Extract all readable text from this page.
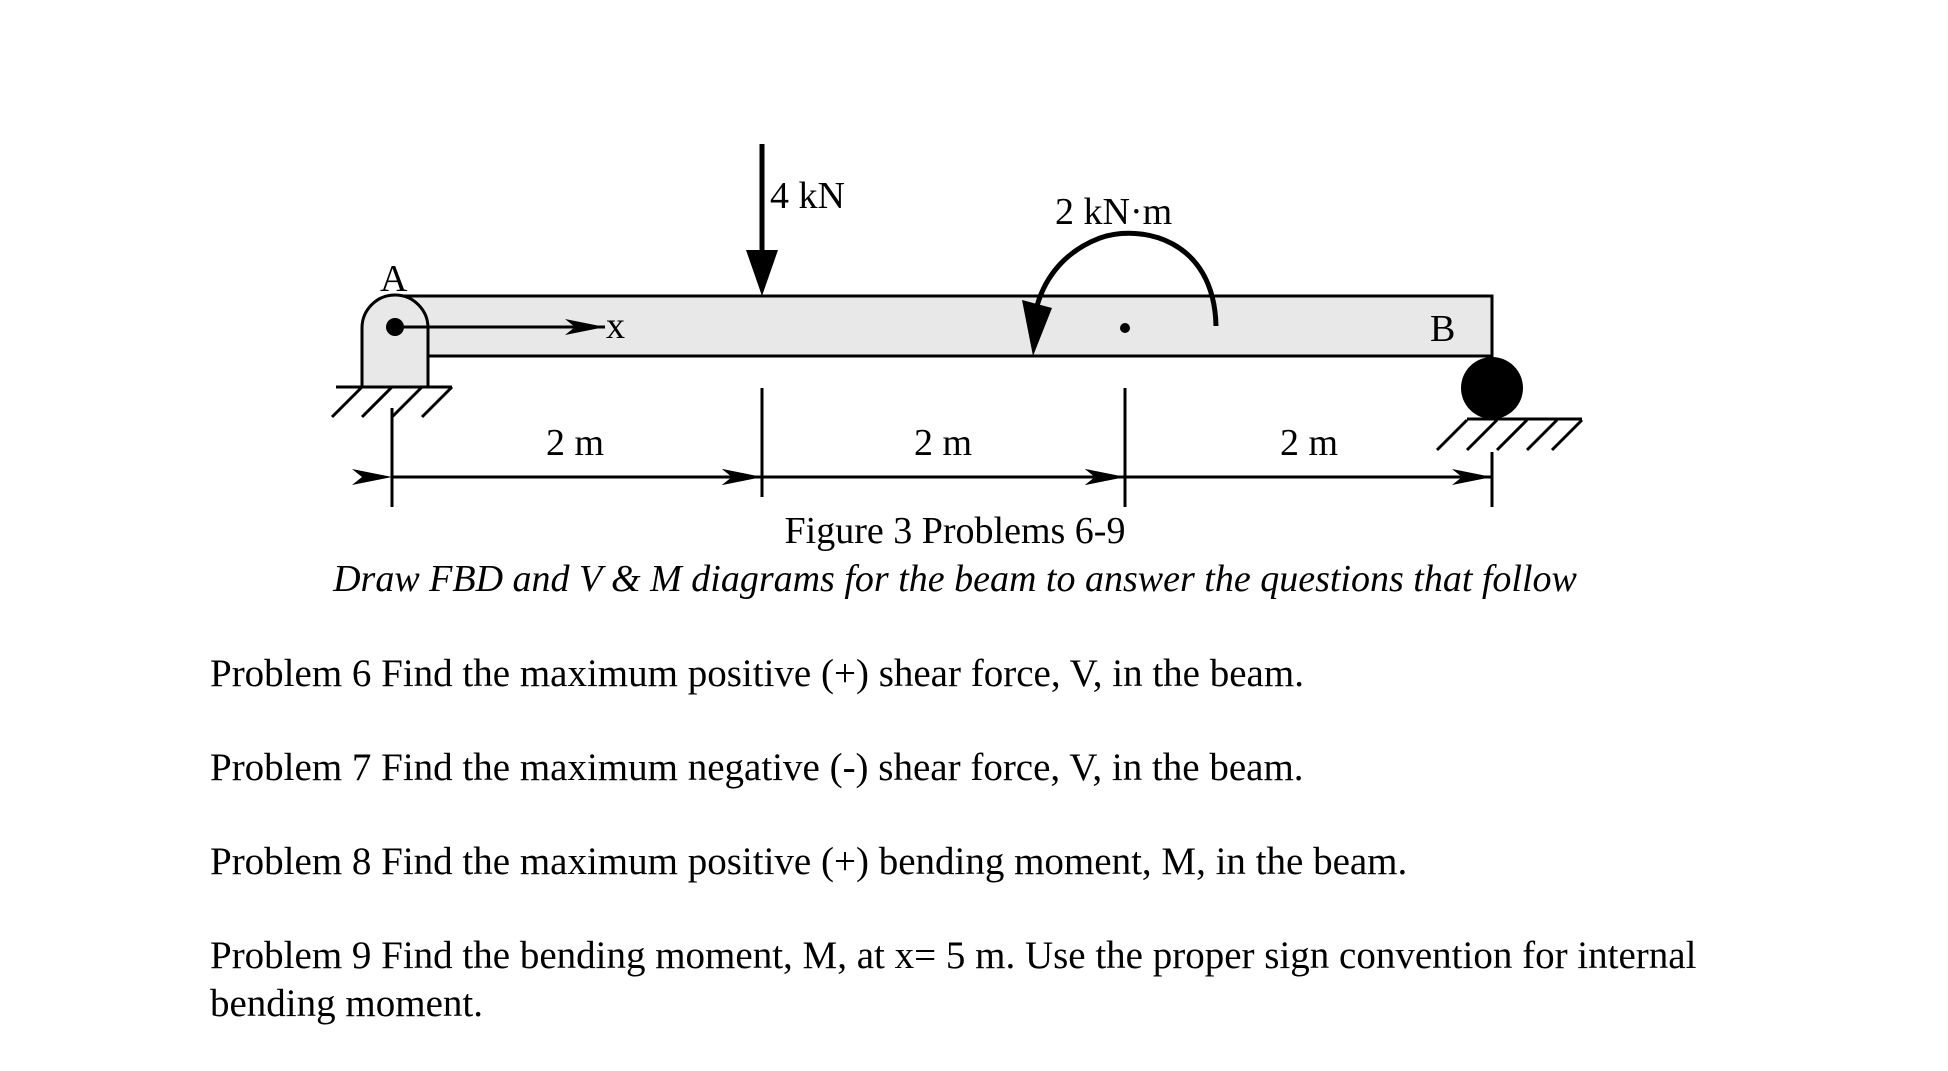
x
A
B
4 kN	2 kN·m
2 m	2 m	2 m
Figure 3 Problems 6-9
Draw FBD and V & M diagrams for the beam to answer the questions that follow
Problem 6 Find the maximum positive (+) shear force, V, in the beam.
Problem 7 Find the maximum negative (-) shear force, V, in the beam.
Problem 8 Find the maximum positive (+) bending moment, M, in the beam.
Problem 9 Find the bending moment, M, at x= 5 m. Use the proper sign convention for internal bending moment.
